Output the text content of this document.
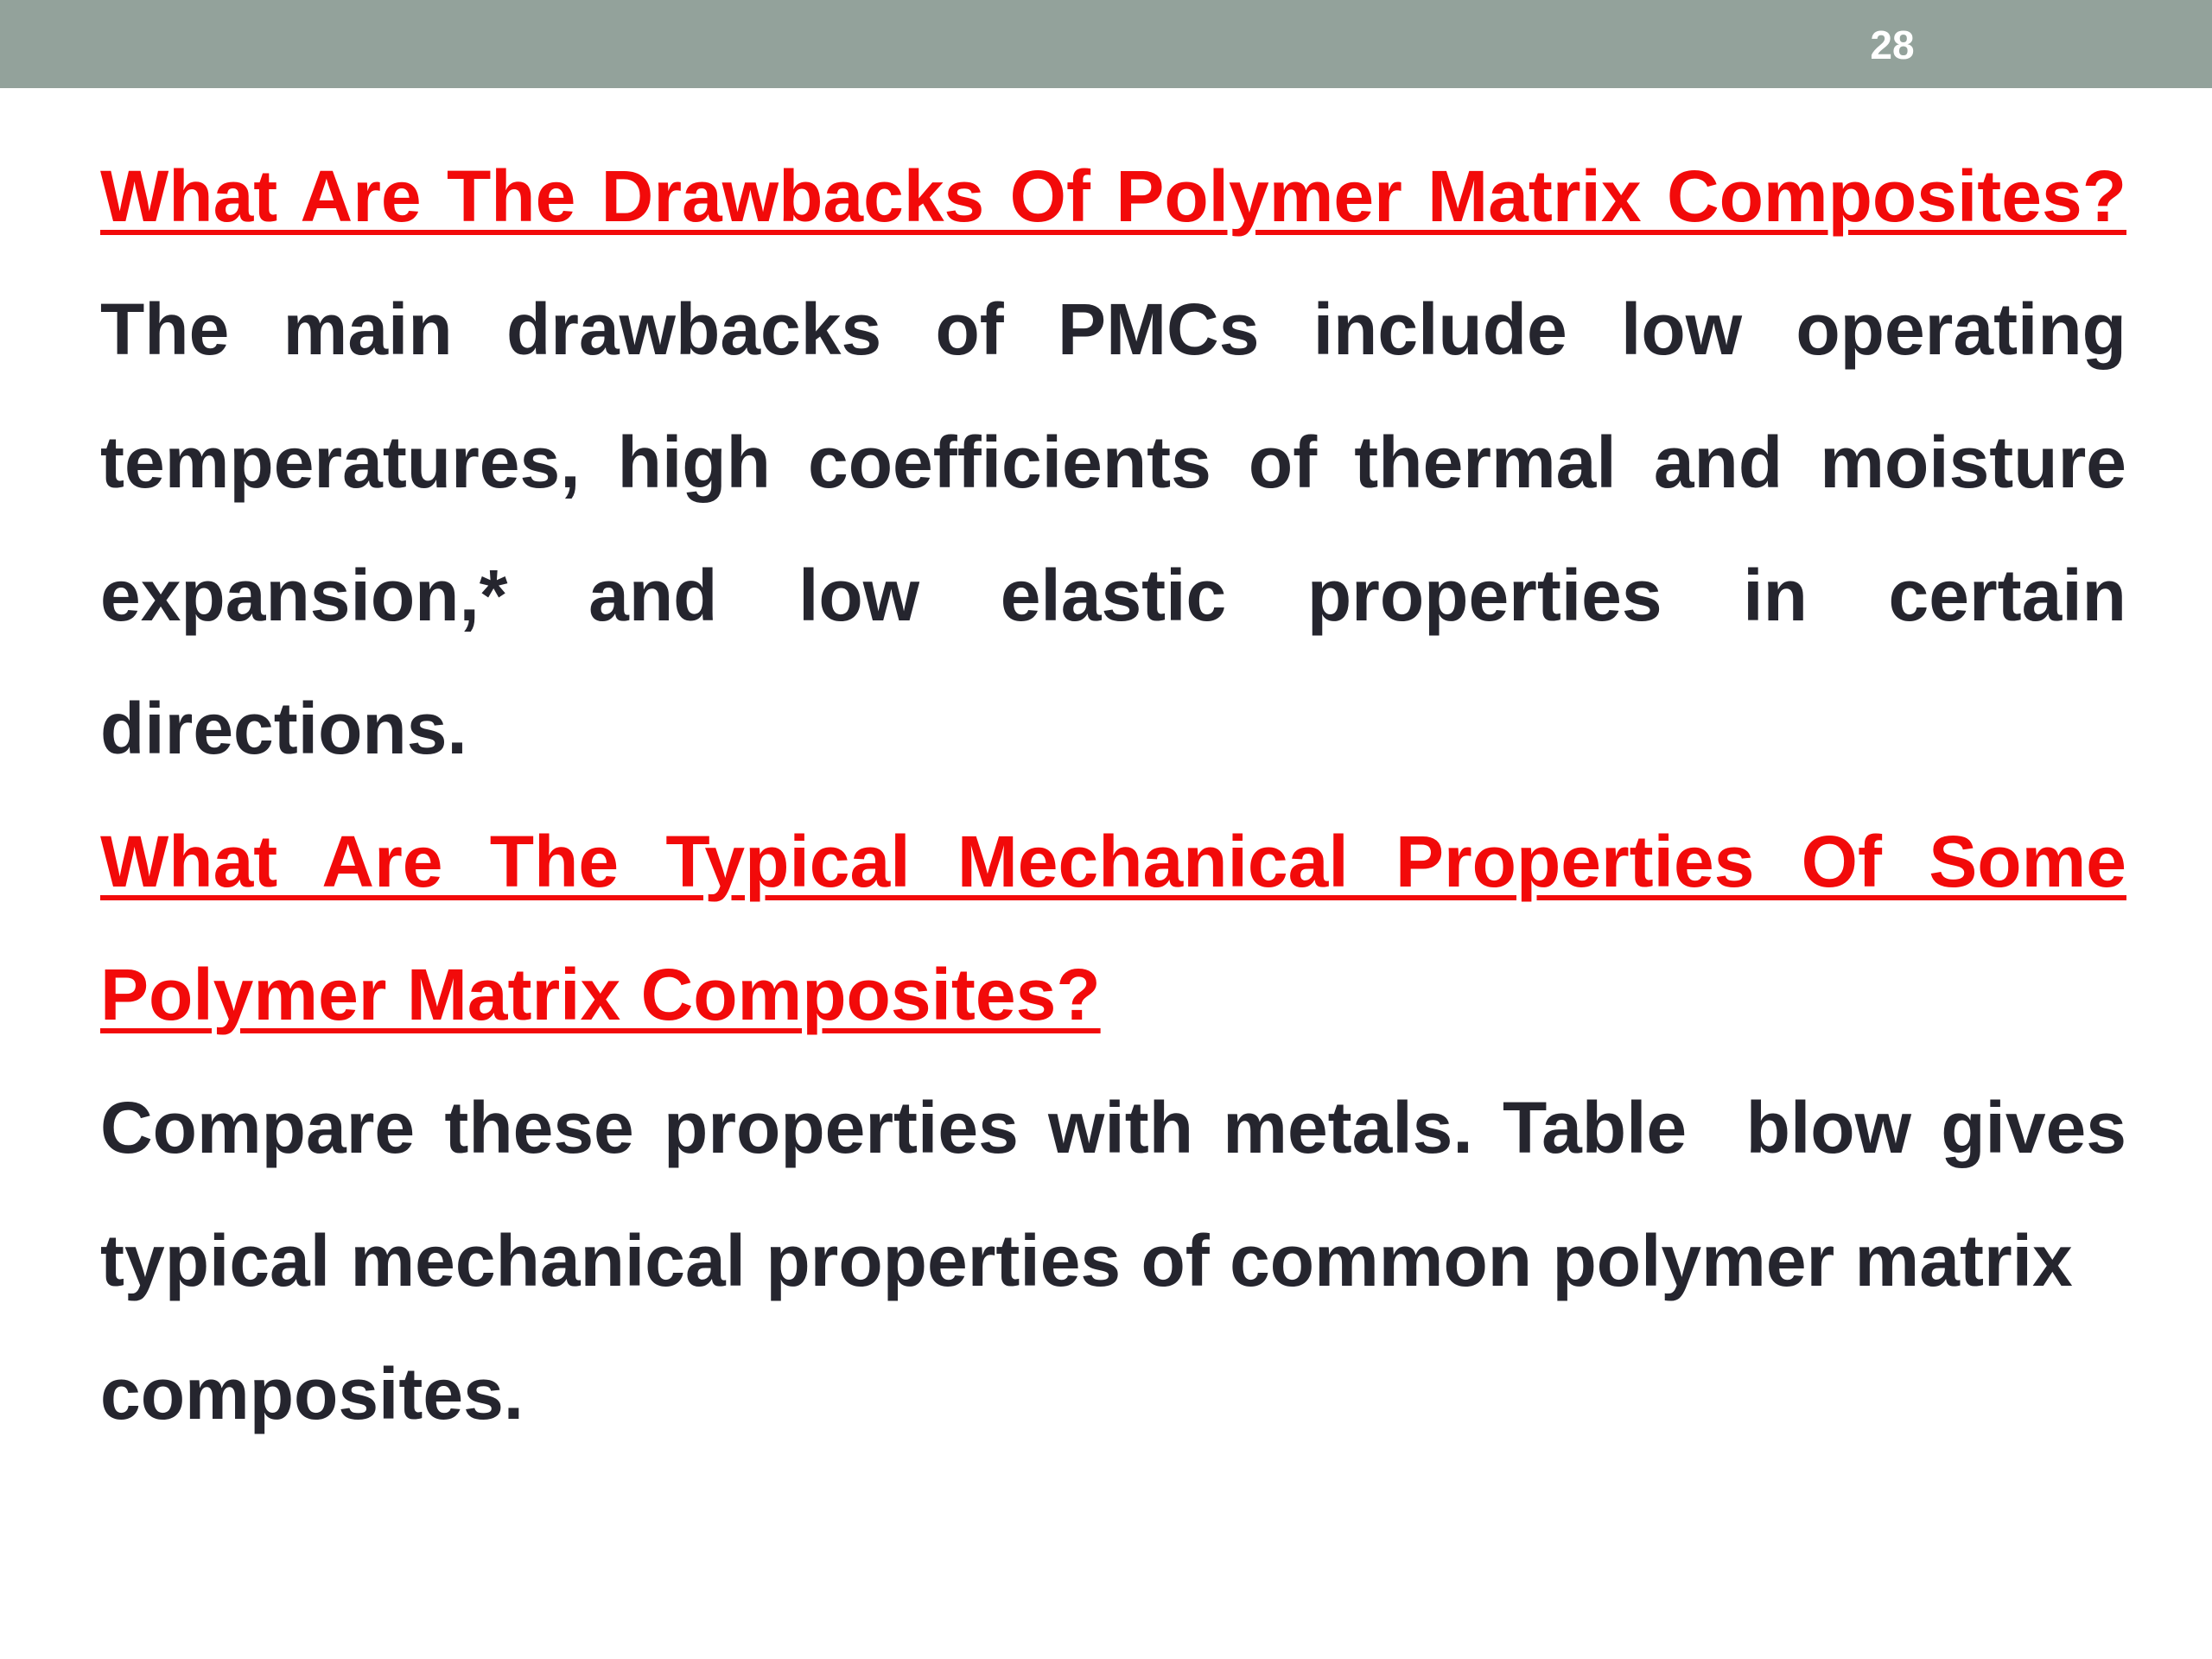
28

What Are The Drawbacks Of Polymer Matrix Composites?

The main drawbacks of PMCs include low operating
temperatures, high coefficients of thermal and moisture
expansion,* and low elastic properties in certain
directions.

What Are The Typical Mechanical Properties Of Some
Polymer Matrix Composites?

Compare these properties with metals. Table  blow gives
typical mechanical properties of common polymer matrix
composites.
